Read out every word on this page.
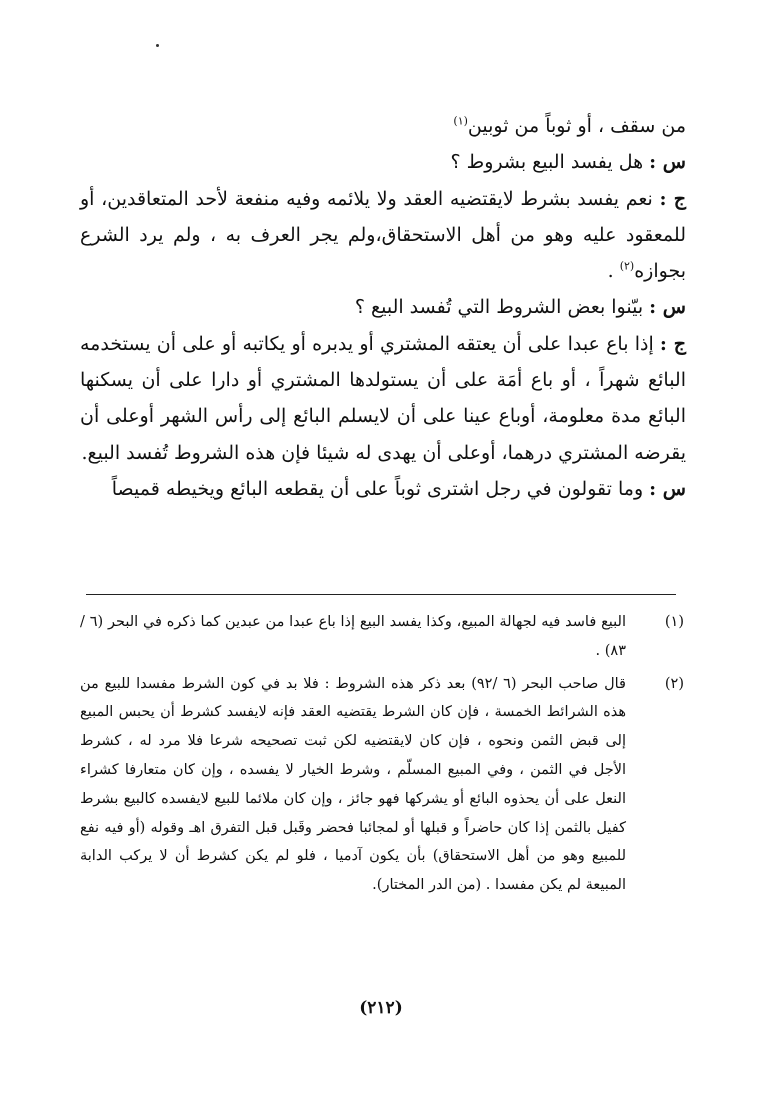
من سقف ، أو ثوباً من ثوبين$^{(١)}$

س : هل يفسد البيع بشروط ؟

ج : نعم يفسد بشرط لايقتضيه العقد ولا يلائمه وفيه منفعة لأحد المتعاقدين، أو للمعقود عليه وهو من أهل الاستحقاق،ولم يجر العرف به ، ولم يرد الشرع بجوازه$^{(٢)}$ .

س : بيّنوا بعض الشروط التي تُفسد البيع ؟

ج : إذا باع عبدا على أن يعتقه المشتري أو يدبره أو يكاتبه أو على أن يستخدمه البائع شهراً ، أو باع أمَة على أن يستولدها المشتري أو دارا على أن يسكنها البائع مدة معلومة، أوباع عينا على أن لايسلم البائع إلى رأس الشهر أوعلى أن يقرضه المشتري درهما، أوعلى أن يهدى له شيئا فإن هذه الشروط تُفسد البيع.

س : وما تقولون في رجل اشترى ثوباً على أن يقطعه البائع ويخيطه قميصاً

(١)
البيع فاسد فيه لجهالة المبيع، وكذا يفسد البيع إذا باع عبدا من عبدين كما ذكره في البحر (٦ /٨٣) .
(٢)
قال صاحب البحر (٦ /٩٢) بعد ذكر هذه الشروط : فلا بد في كون الشرط مفسدا للبيع من هذه الشرائط الخمسة ، فإن كان الشرط يقتضيه العقد فإنه لايفسد كشرط أن يحبس المبيع إلى قبض الثمن ونحوه ، فإن كان لايقتضيه لكن ثبت تصحيحه شرعا فلا مرد له ، كشرط الأجل في الثمن ، وفي المبيع المسلّم ، وشرط الخيار لا يفسده ، وإن كان متعارفا كشراء النعل على أن يحذوه البائع أو يشركها فهو جائز ، وإن كان ملائما للبيع لايفسده كالبيع بشرط كفيل بالثمن إذا كان حاضراً و قبلها أو لمجائبا فحضر وقَبل قبل التفرق اهـ وقوله (أو فيه نفع للمبيع وهو من أهل الاستحقاق) بأن يكون آدميا ، فلو لم يكن كشرط أن لا يركب الدابة المبيعة لم يكن مفسدا . (من الدر المختار).
(٢١٢)
